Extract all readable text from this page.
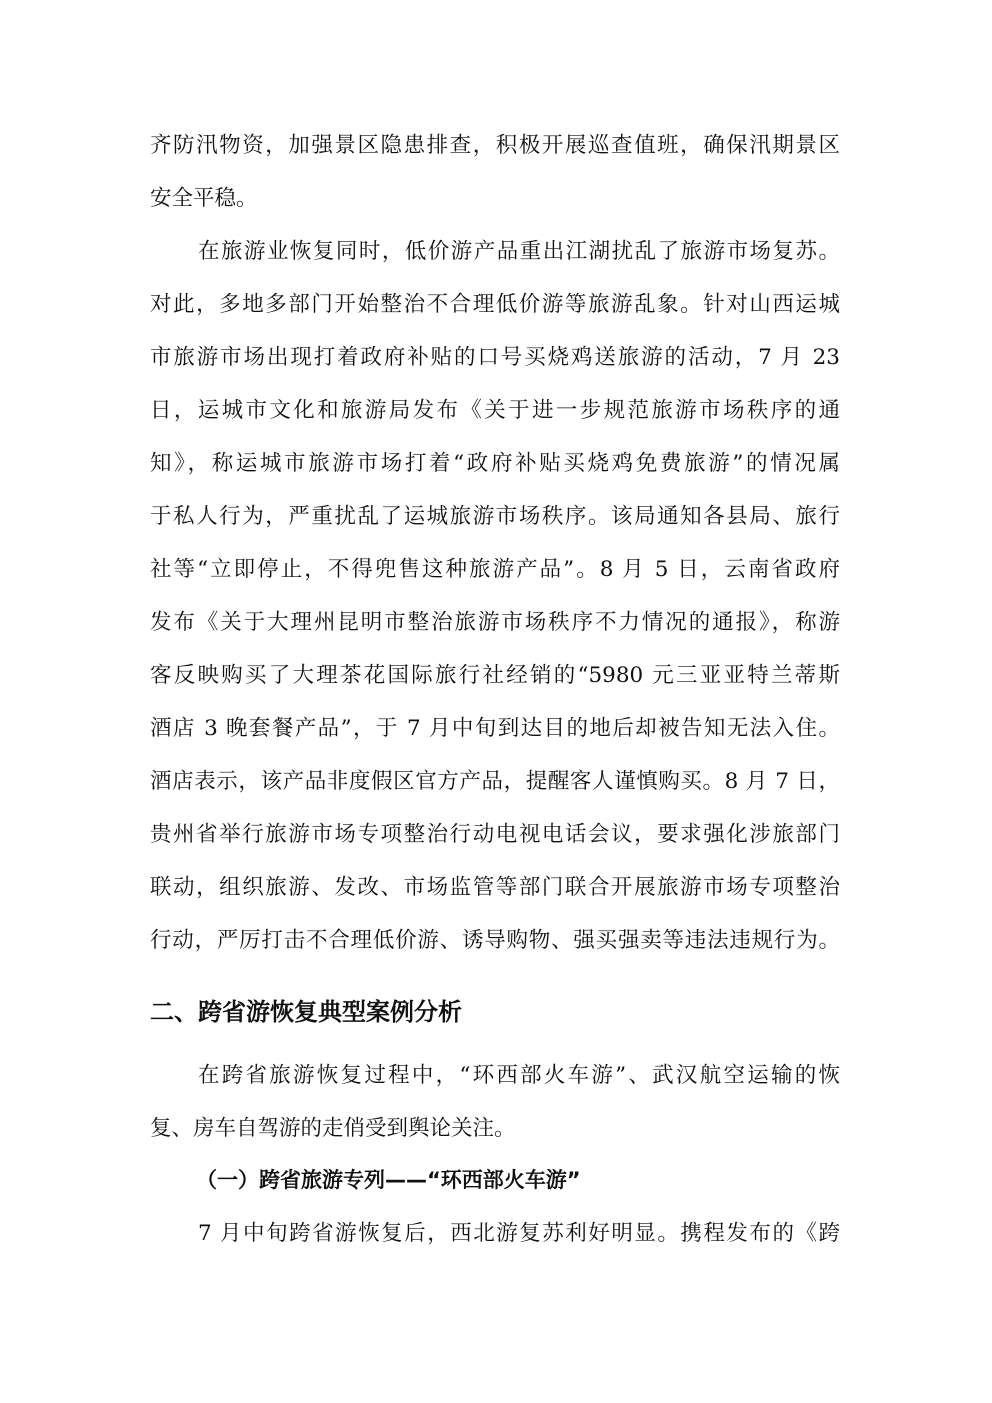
齐防汛物资，加强景区隐患排查，积极开展巡查值班，确保汛期景区
安全平稳。
在旅游业恢复同时，低价游产品重出江湖扰乱了旅游市场复苏。
对此，多地多部门开始整治不合理低价游等旅游乱象。针对山西运城
市旅游市场出现打着政府补贴的口号买烧鸡送旅游的活动，7 月 23
日，运城市文化和旅游局发布《关于进一步规范旅游市场秩序的通
知》，称运城市旅游市场打着“政府补贴买烧鸡免费旅游”的情况属
于私人行为，严重扰乱了运城旅游市场秩序。该局通知各县局、旅行
社等“立即停止，不得兜售这种旅游产品”。8 月 5 日，云南省政府
发布《关于大理州昆明市整治旅游市场秩序不力情况的通报》，称游
客反映购买了大理茶花国际旅行社经销的“5980 元三亚亚特兰蒂斯
酒店 3 晚套餐产品”，于 7 月中旬到达目的地后却被告知无法入住。
酒店表示，该产品非度假区官方产品，提醒客人谨慎购买。8 月 7 日，
贵州省举行旅游市场专项整治行动电视电话会议，要求强化涉旅部门
联动，组织旅游、发改、市场监管等部门联合开展旅游市场专项整治
行动，严厉打击不合理低价游、诱导购物、强买强卖等违法违规行为。
二、跨省游恢复典型案例分析
在跨省旅游恢复过程中，“环西部火车游”、武汉航空运输的恢
复、房车自驾游的走俏受到舆论关注。
（一）跨省旅游专列——“环西部火车游”
7 月中旬跨省游恢复后，西北游复苏利好明显。携程发布的《跨
